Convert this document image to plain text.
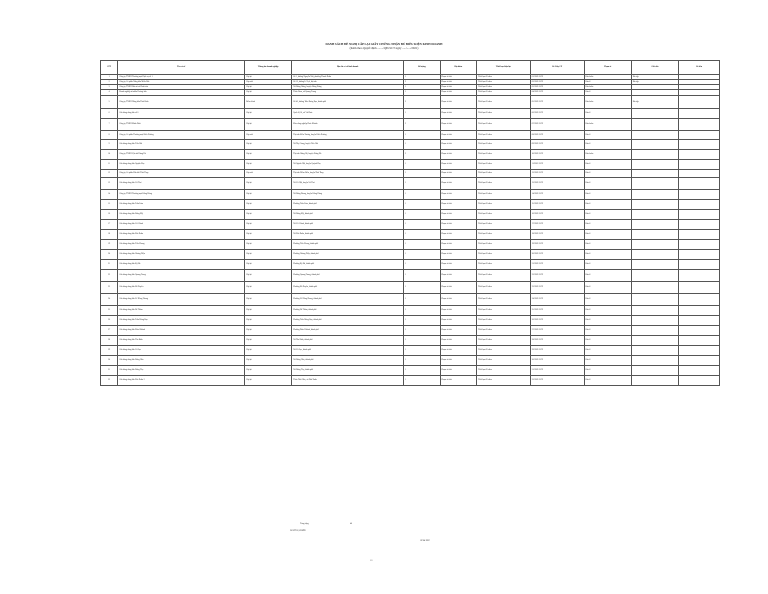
DANH SÁCH ĐỀ NGHỊ CẤP LẠI GIẤY CHỨNG NHẬN ĐỦ ĐIỀU KIỆN KINH DOANH
(Kèm theo Quyết định ......../QĐ-SCT ngày ...../...../2021)
STT	Tên cơ sở	Thông tin doanh nghiệp	Địa chỉ cơ sở kinh doanh	Số lượng	Địa điểm	Thời hạn hiệu lực	Số Giấy CN	Phạm vi	Ghi chú	Số tiền
1	Công ty TNHH Thương mại Dịch vụ số 1	Cấp lại	Số 1, đường Nguyễn Trãi, phường Thanh Xuân	1	Phạm vi tỉnh	Thời hạn 05 năm	01/2021/GCN	Bán buôn	Đã nộp	
2	Công ty Cổ phần Xăng dầu Miền Bắc	Cấp mới	Số 12, đường Lê Lợi, thị trấn	2	Phạm vi tỉnh	Thời hạn 05 năm	02/2021/GCN	Bán lẻ	Đã nộp	
3	Công ty TNHH Đầu tư và Phát triển	Cấp lại	Xã Đông Hưng, huyện Đông Hưng	1	Phạm vi tỉnh	Thời hạn 05 năm	03/2021/GCN	Bán buôn		
4	Doanh nghiệp tư nhân Hoàng Anh	Cấp lại	Thôn Nam, xã Quang Trung	1	Phạm vi tỉnh	Thời hạn 05 năm	04/2021/GCN	Bán lẻ		
5	Công ty TNHH Xăng dầu Thái Bình	Điều chỉnh	Số 45, đường Trần Hưng Đạo, thành phố	3	Phạm vi tỉnh	Thời hạn 05 năm	05/2021/GCN	Bán buôn	Đã nộp	
6	Cửa hàng xăng dầu số 6	Cấp lại	Quốc lộ 10, xã Vũ Phúc	1	Phạm vi tỉnh	Thời hạn 05 năm	06/2021/GCN	Bán lẻ		
7	Công ty TNHH Minh Phát	Cấp lại	Khu công nghiệp Phúc Khánh	2	Phạm vi tỉnh	Thời hạn 05 năm	07/2021/GCN	Bán buôn		
8	Công ty Cổ phần Thương mại Kiến Xương	Cấp mới	Thị trấn Kiến Xương, huyện Kiến Xương	1	Phạm vi tỉnh	Thời hạn 05 năm	08/2021/GCN	Bán lẻ		
9	Cửa hàng xăng dầu Tiền Hải	Cấp lại	Xã Tây Giang, huyện Tiền Hải	1	Phạm vi tỉnh	Thời hạn 05 năm	09/2021/GCN	Bán lẻ		
10	Công ty TNHH Vận tải Hưng Hà	Cấp lại	Thị trấn Hưng Hà, huyện Hưng Hà	2	Phạm vi tỉnh	Thời hạn 05 năm	10/2021/GCN	Bán buôn		
11	Cửa hàng xăng dầu Quỳnh Phụ	Cấp lại	Xã Quỳnh Hội, huyện Quỳnh Phụ	1	Phạm vi tỉnh	Thời hạn 05 năm	11/2021/GCN	Bán lẻ		
12	Công ty Cổ phần Dầu khí Thái Thụy	Cấp mới	Thị trấn Diêm Điền, huyện Thái Thụy	1	Phạm vi tỉnh	Thời hạn 05 năm	12/2021/GCN	Bán lẻ		
13	Cửa hàng xăng dầu Vũ Thư	Cấp lại	Xã Vũ Hội, huyện Vũ Thư	1	Phạm vi tỉnh	Thời hạn 05 năm	13/2021/GCN	Bán lẻ		
14	Công ty TNHH Thương mại Đông Hưng	Cấp lại	Xã Đông Phong, huyện Đông Hưng	1	Phạm vi tỉnh	Thời hạn 05 năm	14/2021/GCN	Bán lẻ		
15	Cửa hàng xăng dầu Trần Lãm	Cấp lại	Phường Trần Lãm, thành phố	1	Phạm vi tỉnh	Thời hạn 05 năm	15/2021/GCN	Bán lẻ		
16	Cửa hàng xăng dầu Đông Mỹ	Cấp lại	Xã Đông Mỹ, thành phố	1	Phạm vi tỉnh	Thời hạn 05 năm	16/2021/GCN	Bán lẻ		
17	Cửa hàng xăng dầu Vũ Chính	Cấp lại	Xã Vũ Chính, thành phố	1	Phạm vi tỉnh	Thời hạn 05 năm	17/2021/GCN	Bán lẻ		
18	Cửa hàng xăng dầu Phú Xuân	Cấp lại	Xã Phú Xuân, thành phố	1	Phạm vi tỉnh	Thời hạn 05 năm	18/2021/GCN	Bán lẻ		
19	Cửa hàng xăng dầu Tiền Phong	Cấp lại	Phường Tiền Phong, thành phố	1	Phạm vi tỉnh	Thời hạn 05 năm	19/2021/GCN	Bán lẻ		
20	Cửa hàng xăng dầu Hoàng Diệu	Cấp lại	Phường Hoàng Diệu, thành phố	1	Phạm vi tỉnh	Thời hạn 05 năm	20/2021/GCN	Bán lẻ		
21	Cửa hàng xăng dầu Kỳ Bá	Cấp lại	Phường Kỳ Bá, thành phố	1	Phạm vi tỉnh	Thời hạn 05 năm	21/2021/GCN	Bán lẻ		
22	Cửa hàng xăng dầu Quang Trung	Cấp lại	Phường Quang Trung, thành phố	1	Phạm vi tỉnh	Thời hạn 05 năm	22/2021/GCN	Bán lẻ		
23	Cửa hàng xăng dầu Bồ Xuyên	Cấp lại	Phường Bồ Xuyên, thành phố	1	Phạm vi tỉnh	Thời hạn 05 năm	23/2021/GCN	Bán lẻ		
24	Cửa hàng xăng dầu Lê Hồng Phong	Cấp lại	Phường Lê Hồng Phong, thành phố	1	Phạm vi tỉnh	Thời hạn 05 năm	24/2021/GCN	Bán lẻ		
25	Cửa hàng xăng dầu Đề Thám	Cấp lại	Phường Đề Thám, thành phố	1	Phạm vi tỉnh	Thời hạn 05 năm	25/2021/GCN	Bán lẻ		
26	Cửa hàng xăng dầu Trần Hưng Đạo	Cấp lại	Phường Trần Hưng Đạo, thành phố	1	Phạm vi tỉnh	Thời hạn 05 năm	26/2021/GCN	Bán lẻ		
27	Cửa hàng xăng dầu Phúc Khánh	Cấp lại	Phường Phúc Khánh, thành phố	1	Phạm vi tỉnh	Thời hạn 05 năm	27/2021/GCN	Bán lẻ		
28	Cửa hàng xăng dầu Tân Bình	Cấp lại	Xã Tân Bình, thành phố	1	Phạm vi tỉnh	Thời hạn 05 năm	28/2021/GCN	Bán lẻ		
29	Cửa hàng xăng dầu Vũ Lạc	Cấp lại	Xã Vũ Lạc, thành phố	1	Phạm vi tỉnh	Thời hạn 05 năm	29/2021/GCN	Bán lẻ		
30	Cửa hàng xăng dầu Đông Hòa	Cấp lại	Xã Đông Hòa, thành phố	1	Phạm vi tỉnh	Thời hạn 05 năm	30/2021/GCN	Bán lẻ		
31	Cửa hàng xăng dầu Đông Thọ	Cấp lại	Xã Đông Thọ, thành phố	1	Phạm vi tỉnh	Thời hạn 05 năm	31/2021/GCN	Bán lẻ		
32	Cửa hàng xăng dầu Phú Xuân 2	Cấp lại	Thôn Thái Hòa, xã Phú Xuân	1	Phạm vi tỉnh	Thời hạn 05 năm	32/2021/GCN	Bán lẻ		
Tổng cộng	40
NGƯỜI LẬP BIỂU
GIÁM ĐỐC
1/1
